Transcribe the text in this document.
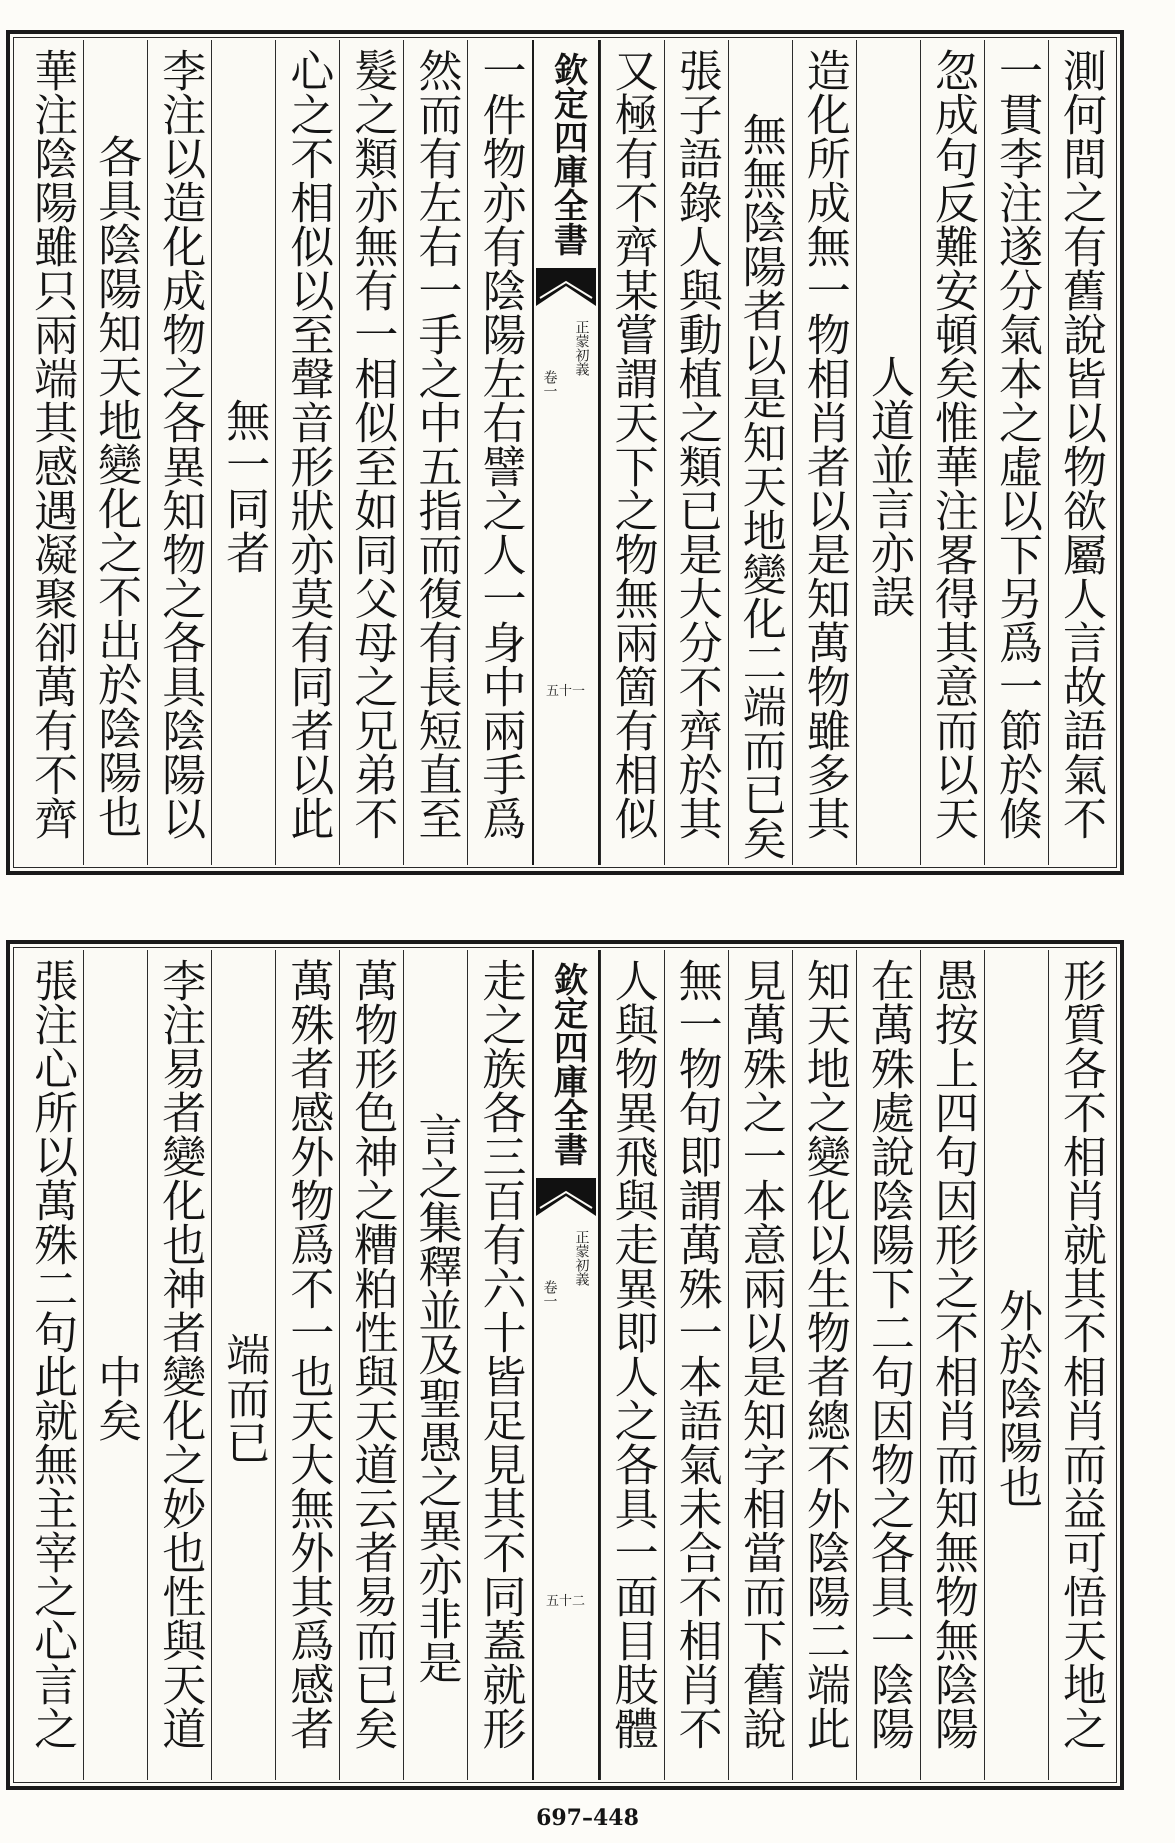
測何間之有舊說皆以物欲屬人言故語氣不
一貫李注遂分氣本之虛以下另爲一節於倏
忽成句反難安頓矣惟華注畧得其意而以天
人道並言亦誤
造化所成無一物相肖者以是知萬物雖多其
無無陰陽者以是知天地變化二端而已矣
張子語錄人與動植之類已是大分不齊於其
又極有不齊某嘗謂天下之物無兩箇有相似
欽定四庫全書
正蒙初義
卷一
五十一
一件物亦有陰陽左右譬之人一身中兩手爲
然而有左右一手之中五指而復有長短直至
髮之類亦無有一相似至如同父母之兄弟不
心之不相似以至聲音形狀亦莫有同者以此
無一同者
李注以造化成物之各異知物之各具陰陽以
各具陰陽知天地變化之不出於陰陽也
華注陰陽雖只兩端其感遇凝聚卻萬有不齊
形質各不相肖就其不相肖而益可悟天地之
外於陰陽也
愚按上四句因形之不相肖而知無物無陰陽
在萬殊處說陰陽下二句因物之各具一陰陽
知天地之變化以生物者總不外陰陽二端此
見萬殊之一本意兩以是知字相當而下舊說
無一物句即謂萬殊一本語氣未合不相肖不
人與物異飛與走異即人之各具一面目肢體
欽定四庫全書
正蒙初義
卷一
五十二
走之族各三百有六十皆足見其不同蓋就形
言之集釋並及聖愚之異亦非是
萬物形色神之糟粕性與天道云者易而已矣
萬殊者感外物爲不一也天大無外其爲感者
端而已
李注易者變化也神者變化之妙也性與天道
中矣
張注心所以萬殊二句此就無主宰之心言之
697–448
